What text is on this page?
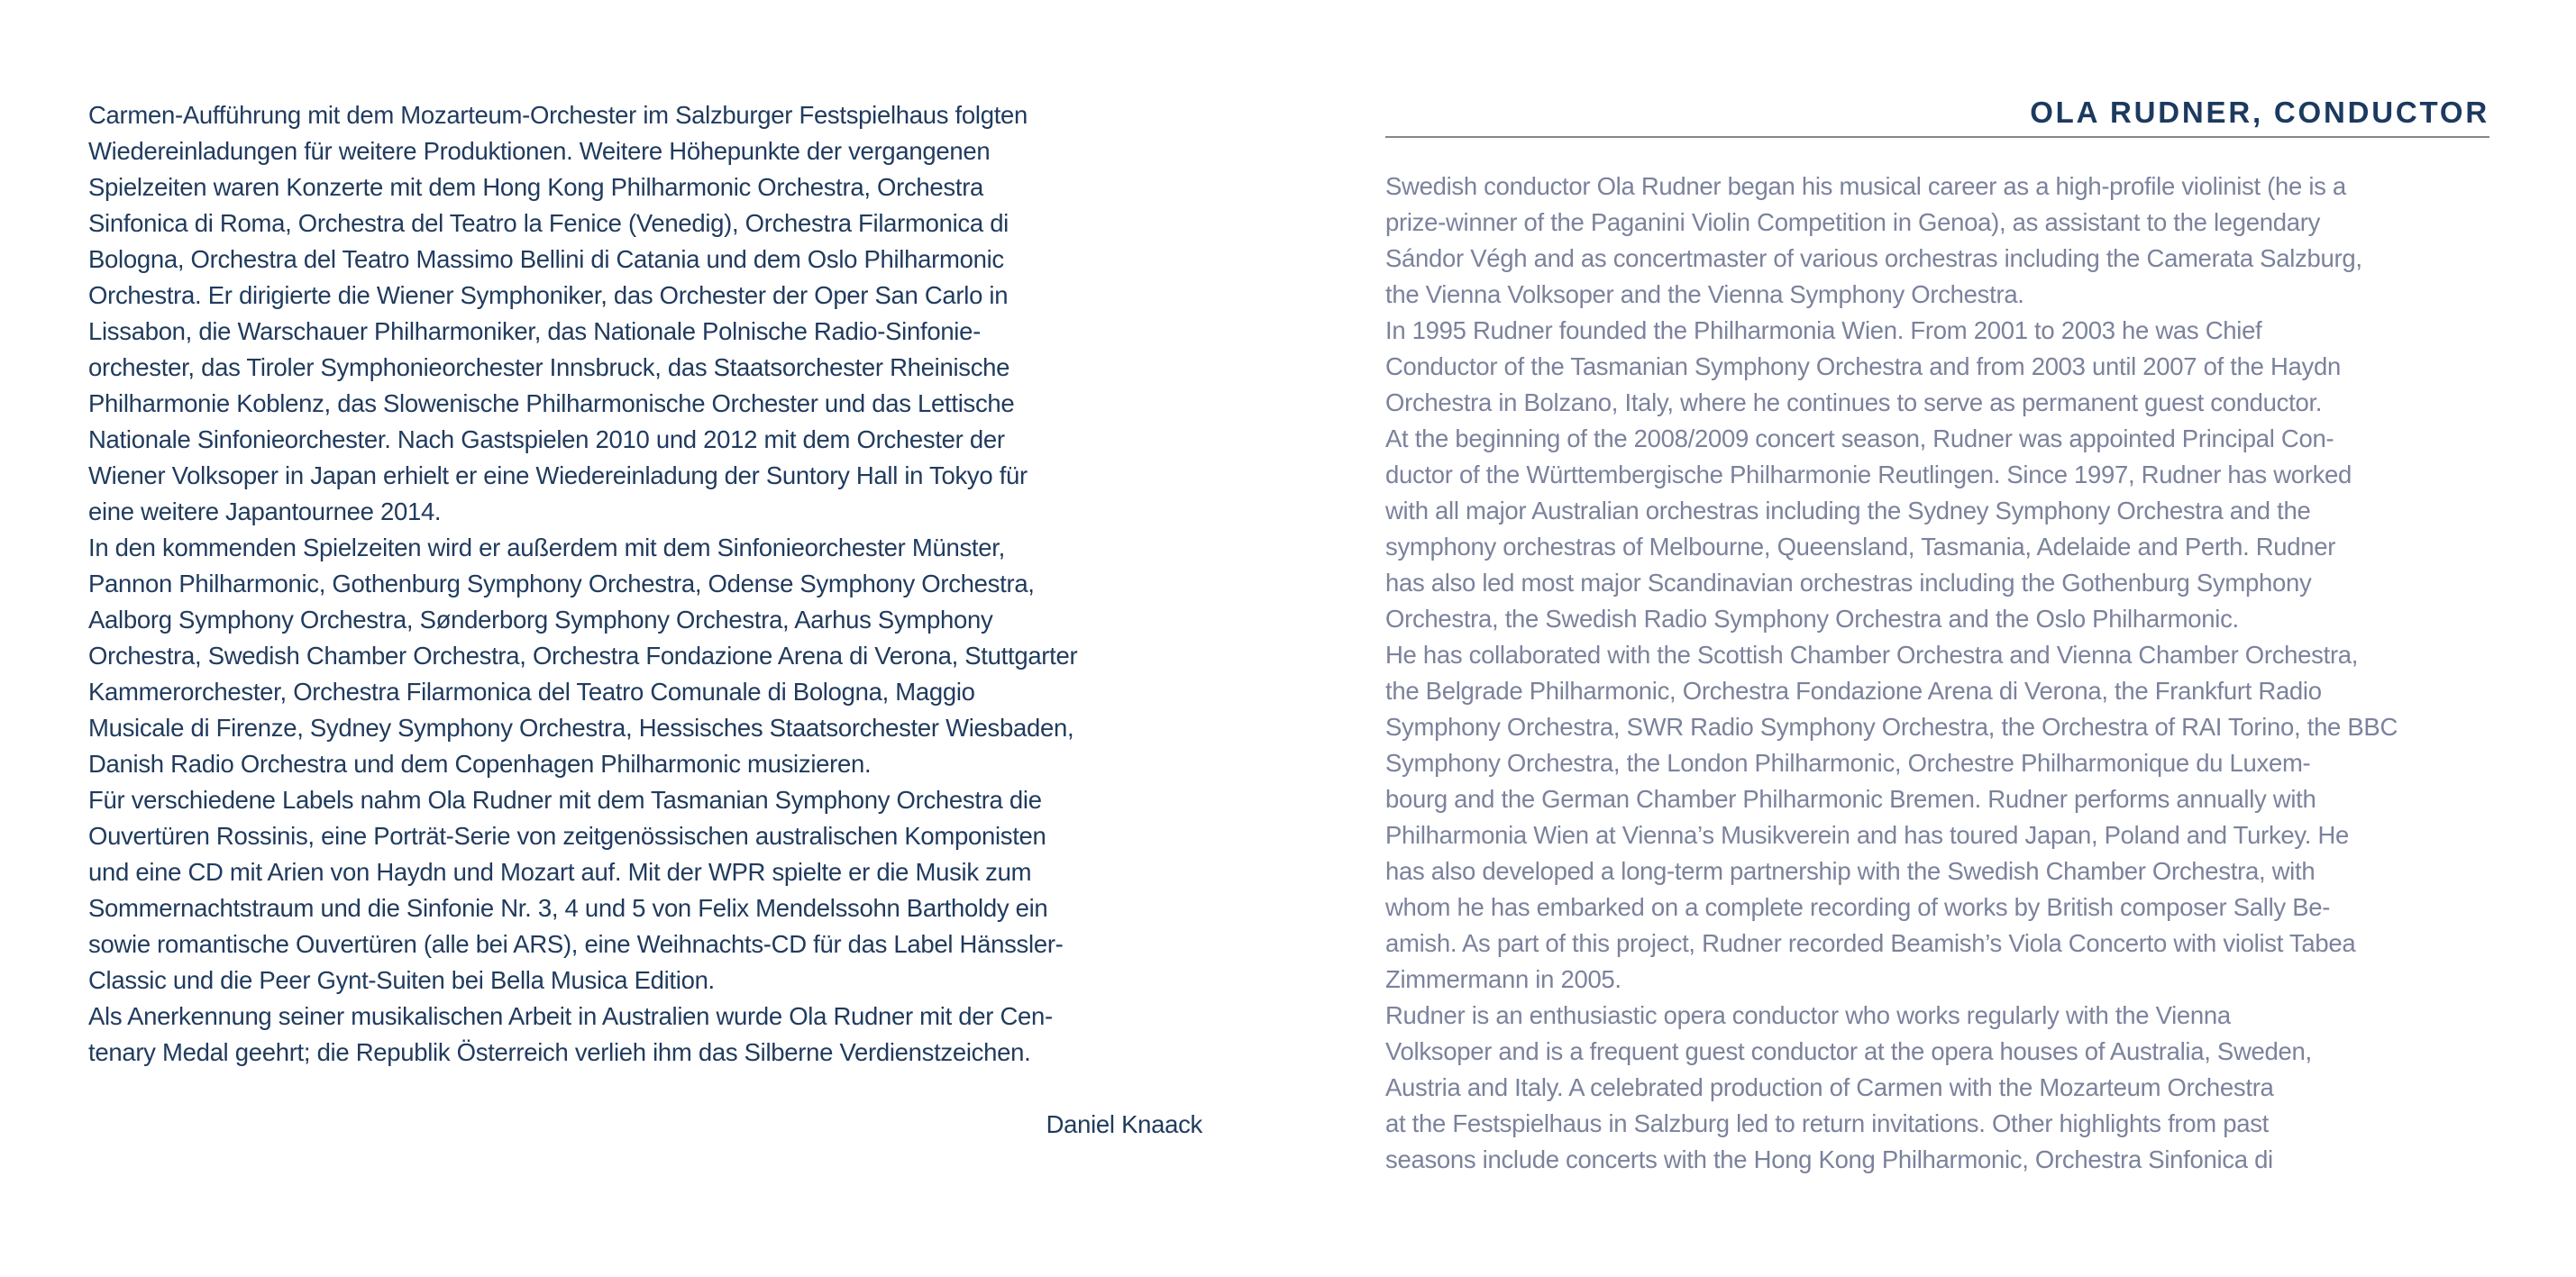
Carmen-Aufführung mit dem Mozarteum-Orchester im Salzburger Festspielhaus folgten
Wiedereinladungen für weitere Produktionen. Weitere Höhepunkte der vergangenen
Spielzeiten waren Konzerte mit dem Hong Kong Philharmonic Orchestra, Orchestra
Sinfonica di Roma, Orchestra del Teatro la Fenice (Venedig), Orchestra Filarmonica di
Bologna, Orchestra del Teatro Massimo Bellini di Catania und dem Oslo Philharmonic
Orchestra. Er dirigierte die Wiener Symphoniker, das Orchester der Oper San Carlo in
Lissabon, die Warschauer Philharmoniker, das Nationale Polnische Radio-Sinfonie-
orchester, das Tiroler Symphonieorchester Innsbruck, das Staatsorchester Rheinische
Philharmonie Koblenz, das Slowenische Philharmonische Orchester und das Lettische
Nationale Sinfonieorchester. Nach Gastspielen 2010 und 2012 mit dem Orchester der
Wiener Volksoper in Japan erhielt er eine Wiedereinladung der Suntory Hall in Tokyo für
eine weitere Japantournee 2014.
In den kommenden Spielzeiten wird er außerdem mit dem Sinfonieorchester Münster,
Pannon Philharmonic, Gothenburg Symphony Orchestra, Odense Symphony Orchestra,
Aalborg Symphony Orchestra, Sønderborg Symphony Orchestra, Aarhus Symphony
Orchestra, Swedish Chamber Orchestra, Orchestra Fondazione Arena di Verona, Stuttgarter
Kammerorchester, Orchestra Filarmonica del Teatro Comunale di Bologna, Maggio
Musicale di Firenze, Sydney Symphony Orchestra, Hessisches Staatsorchester Wiesbaden,
Danish Radio Orchestra und dem Copenhagen Philharmonic musizieren.
Für verschiedene Labels nahm Ola Rudner mit dem Tasmanian Symphony Orchestra die
Ouvertüren Rossinis, eine Porträt-Serie von zeitgenössischen australischen Komponisten
und eine CD mit Arien von Haydn und Mozart auf. Mit der WPR spielte er die Musik zum
Sommernachtstraum und die Sinfonie Nr. 3, 4 und 5 von Felix Mendelssohn Bartholdy ein
sowie romantische Ouvertüren (alle bei ARS), eine Weihnachts-CD für das Label Hänssler-
Classic und die Peer Gynt-Suiten bei Bella Musica Edition.
Als Anerkennung seiner musikalischen Arbeit in Australien wurde Ola Rudner mit der Cen-
tenary Medal geehrt; die Republik Österreich verlieh ihm das Silberne Verdienstzeichen.
Daniel Knaack
OLA RUDNER, CONDUCTOR
Swedish conductor Ola Rudner began his musical career as a high-profile violinist (he is a
prize-winner of the Paganini Violin Competition in Genoa), as assistant to the legendary
Sándor Végh and as concertmaster of various orchestras including the Camerata Salzburg,
the Vienna Volksoper and the Vienna Symphony Orchestra.
In 1995 Rudner founded the Philharmonia Wien. From 2001 to 2003 he was Chief
Conductor of the Tasmanian Symphony Orchestra and from 2003 until 2007 of the Haydn
Orchestra in Bolzano, Italy, where he continues to serve as permanent guest conductor.
At the beginning of the 2008/2009 concert season, Rudner was appointed Principal Con-
ductor of the Württembergische Philharmonie Reutlingen. Since 1997, Rudner has worked
with all major Australian orchestras including the Sydney Symphony Orchestra and the
symphony orchestras of Melbourne, Queensland, Tasmania, Adelaide and Perth. Rudner
has also led most major Scandinavian orchestras including the Gothenburg Symphony
Orchestra, the Swedish Radio Symphony Orchestra and the Oslo Philharmonic.
He has collaborated with the Scottish Chamber Orchestra and Vienna Chamber Orchestra,
the Belgrade Philharmonic, Orchestra Fondazione Arena di Verona, the Frankfurt Radio
Symphony Orchestra, SWR Radio Symphony Orchestra, the Orchestra of RAI Torino, the BBC
Symphony Orchestra, the London Philharmonic, Orchestre Philharmonique du Luxem-
bourg and the German Chamber Philharmonic Bremen. Rudner performs annually with
Philharmonia Wien at Vienna’s Musikverein and has toured Japan, Poland and Turkey. He
has also developed a long-term partnership with the Swedish Chamber Orchestra, with
whom he has embarked on a complete recording of works by British composer Sally Be-
amish. As part of this project, Rudner recorded Beamish’s Viola Concerto with violist Tabea
Zimmermann in 2005.
Rudner is an enthusiastic opera conductor who works regularly with the Vienna
Volksoper and is a frequent guest conductor at the opera houses of Australia, Sweden,
Austria and Italy. A celebrated production of Carmen with the Mozarteum Orchestra
at the Festspielhaus in Salzburg led to return invitations. Other highlights from past
seasons include concerts with the Hong Kong Philharmonic, Orchestra Sinfonica di
